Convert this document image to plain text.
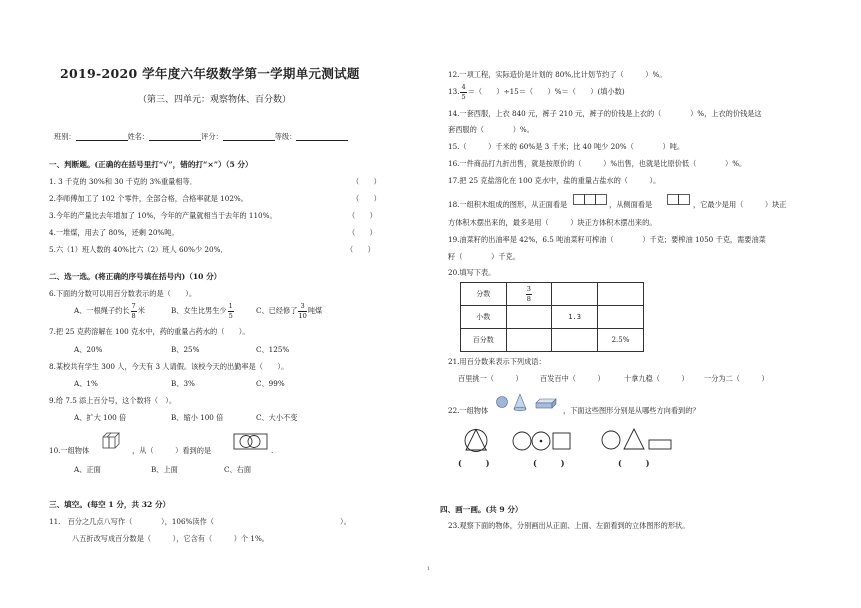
2019-2020 学年度六年级数学第一学期单元测试题
（第三、四单元：观察物体、百分数）
班别：	姓名：	评分：	等级：
一、判断题。(正确的在括号里打“√”，错的打“×”）（5 分）
1. 3 千克的 30%和 30 千克的 3%重量相等．
2.李师傅加工了 102 个零件，全部合格，合格率就是 102%。
3.今年的产量比去年增加了 10%，今年的产量就相当于去年的 110%。
4.一堆煤，用去了 80%，还剩 20%吨。
5.六（1）班人数的 40%比六（2）班人 60%少 20%．
（　　）
（　　）
（　　）
（　　）
（　　）
二、选一选。(将正确的序号填在括号内)（10 分）
6.下面的分数可以用百分数表示的是（　　）。
A、一根绳子约长 $\frac{7}{8}$ 米	B、女生比男生少 $\frac{1}{5}$	C、已经修了 $\frac{3}{10}$ 吨煤
7.把 25 克药溶解在 100 克水中，药的重量占药水的（　　）。
A、20%	B、25%	C、125%
8.某校共有学生 300 人，今天有 3 人请假。该校今天的出勤率是（　　）。
A、1%	B、3%	C、99%
9.给 7.5 添上百分号，这个数将（　）。
A、扩大 100 倍	B、缩小 100 倍	C、大小不变
10.一组物体	，从（　　　）看到的是	.
A、正面	B、上面	C、右面
三、填空。(每空 1 分，共 32 分）
11.　百分之几点八写作（　　　　），106%读作（	）。
八五折改写成百分数是（　　　），它含有（　　　）个 1%。
12.一项工程，实际造价是计划的 80%,比计划节约了（　　　）%。
13. $\frac{4}{5}$ ＝（　　）÷15＝（　　）%＝（　　）(填小数)
14.一套西服，上衣 840 元，裤子 210 元，裤子的价钱是上衣的（　　　　）%，上衣的价钱是这
套西服的（　　　　）%。
15.（　　　）千米的 60%是 3 千米；比 40 吨少 20%（　　　　）吨。
16.一件商品打九折出售，就是按原价的（　　　）%出售，也就是比原价低（　　　　）%。
17.把 25 克盐溶化在 100 克水中，盐的重量占盐水的（　　　）。
18.一组积木组成的图形，从正面看是	，从侧面看是	，它最少是用（　　　）块正
方体积木摆出来的，最多是用（　　　）块正方体积木摆出来的。
19.油菜籽的出油率是 42%，6.5 吨油菜籽可榨油（　　　　）千克；要榨油 1050 千克，需要油菜
籽（　　　　）千克。
20.填写下表。
分数	$\frac{3}{8}$

小数		1.3	
百分数			2.5%
21.用百分数来表示下列成语：
百里挑一（　　　） 百发百中（　　　）	十拿九稳（　　　） 一分为二（　　　）
22.一组物体	，下面这些图形分别是从哪些方向看到的？
(　　　)	(　　　)	(　　　)
四、画一画。(共 9 分）
23.观察下面的物体，分别画出从正面、上面、左面看到的立体图形的形状。
1
